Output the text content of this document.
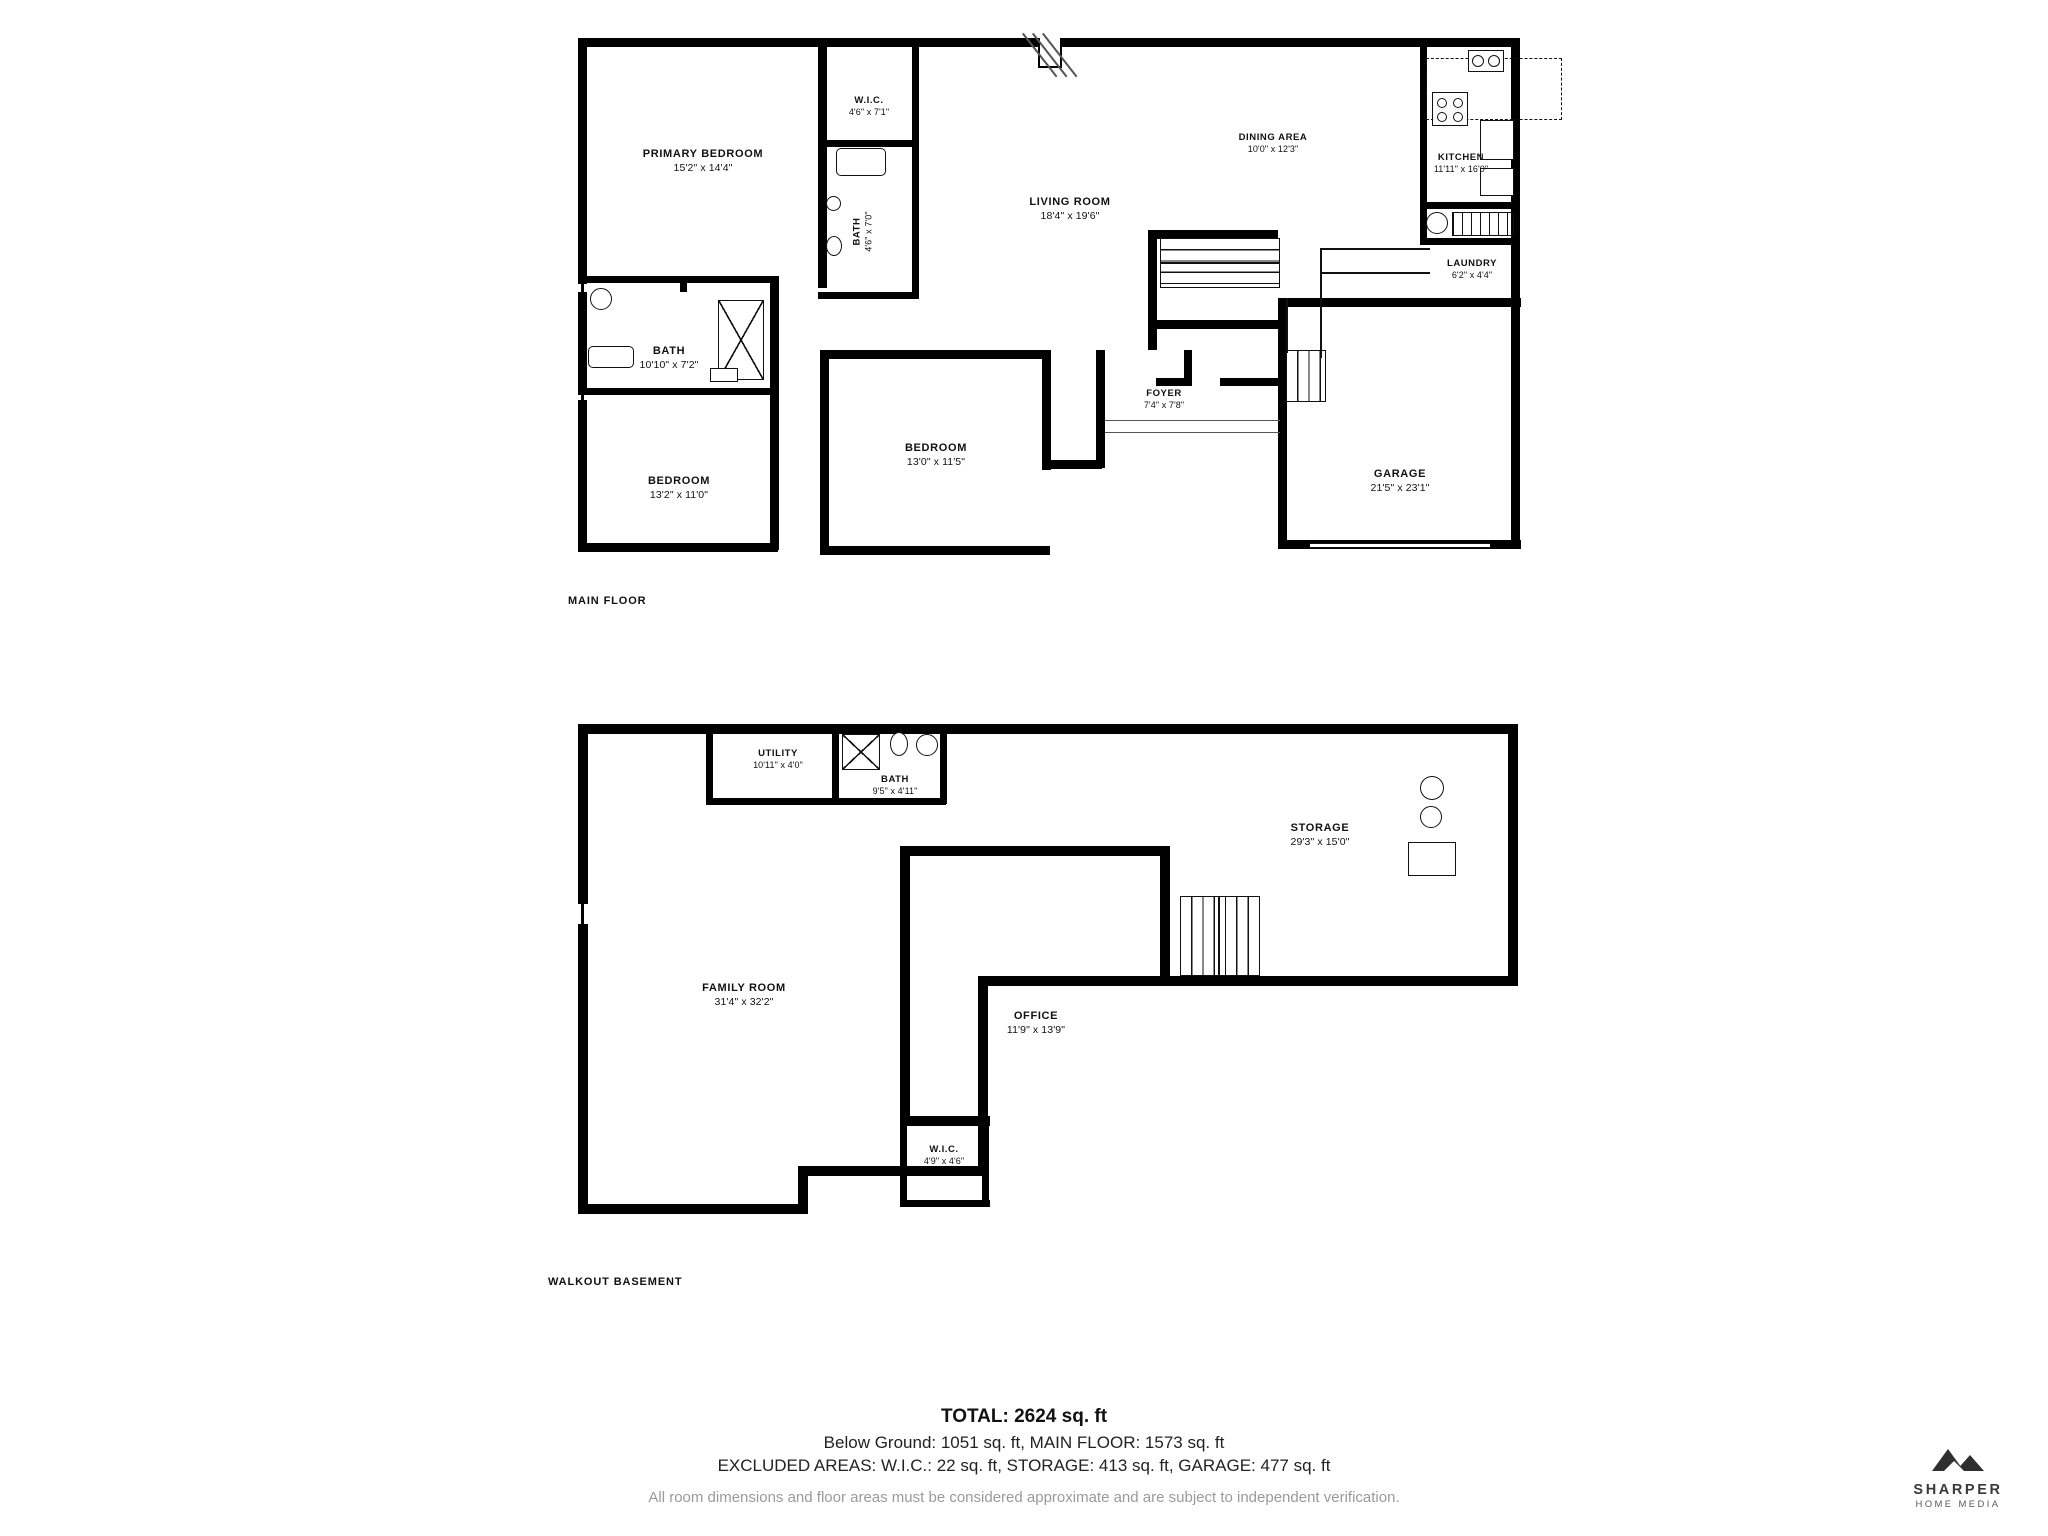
PRIMARY BEDROOM
15'2" x 14'4"
W.I.C.
4'6" x 7'1"
BATH 4'6" x 7'0"
BATH
10'10" x 7'2"
BEDROOM
13'2" x 11'0"
BEDROOM
13'0" x 11'5"
LIVING ROOM
18'4" x 19'6"
DINING AREA
10'0" x 12'3"
KITCHEN
11'11" x 16'0"
LAUNDRY
6'2" x 4'4"
FOYER
7'4" x 7'8"
GARAGE
21'5" x 23'1"
MAIN FLOOR
UTILITY
10'11" x 4'0"
BATH
9'5" x 4'11"
STORAGE
29'3" x 15'0"
FAMILY ROOM
31'4" x 32'2"
OFFICE
11'9" x 13'9"
W.I.C.
4'9" x 4'6"
WALKOUT BASEMENT
TOTAL: 2624 sq. ft
Below Ground: 1051 sq. ft, MAIN FLOOR: 1573 sq. ft
EXCLUDED AREAS: W.I.C.: 22 sq. ft, STORAGE: 413 sq. ft, GARAGE: 477 sq. ft
All room dimensions and floor areas must be considered approximate and are subject to independent verification.	SHARPER
HOME MEDIA
